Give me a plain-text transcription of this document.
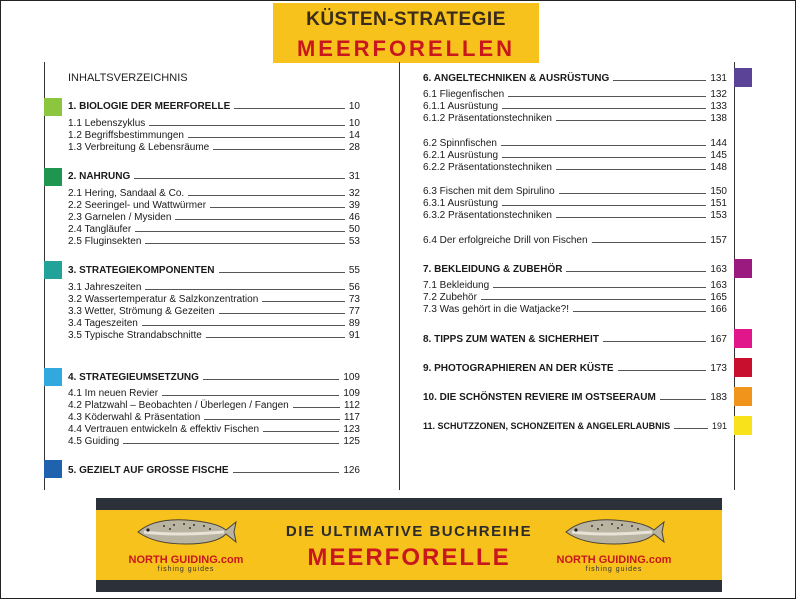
KÜSTEN-STRATEGIE
MEERFORELLEN
INHALTSVERZEICHNIS
1. BIOLOGIE DER MEERFORELLE	10
1.1 Lebenszyklus	10
1.2 Begriffsbestimmungen	14
1.3 Verbreitung & Lebensräume	28
2. NAHRUNG	31
2.1 Hering, Sandaal & Co.	32
2.2 Seeringel- und Wattwürmer	39
2.3 Garnelen / Mysiden	46
2.4 Tangläufer	50
2.5 Fluginsekten	53
3. STRATEGIEKOMPONENTEN	55
3.1 Jahreszeiten	56
3.2 Wassertemperatur & Salzkonzentration	73
3.3 Wetter, Strömung & Gezeiten	77
3.4 Tageszeiten	89
3.5 Typische Strandabschnitte	91
4. STRATEGIEUMSETZUNG	109
4.1 Im neuen Revier	109
4.2 Platzwahl – Beobachten / Überlegen / Fangen	112
4.3 Köderwahl & Präsentation	117
4.4 Vertrauen entwickeln & effektiv Fischen	123
4.5 Guiding	125
5. GEZIELT AUF GROSSE FISCHE	126
6. ANGELTECHNIKEN & AUSRÜSTUNG	131
6.1 Fliegenfischen	132
6.1.1 Ausrüstung	133
6.1.2 Präsentationstechniken	138
6.2 Spinnfischen	144
6.2.1 Ausrüstung	145
6.2.2 Präsentationstechniken	148
6.3 Fischen mit dem Spirulino	150
6.3.1 Ausrüstung	151
6.3.2 Präsentationstechniken	153
6.4 Der erfolgreiche Drill von Fischen	157
7. BEKLEIDUNG & ZUBEHÖR	163
7.1 Bekleidung	163
7.2 Zubehör	165
7.3 Was gehört in die Watjacke?!	166
8. TIPPS ZUM WATEN & SICHERHEIT	167
9. PHOTOGRAPHIEREN AN DER KÜSTE	173
10. DIE SCHÖNSTEN REVIERE IM OSTSEERAUM	183
11. SCHUTZZONEN, SCHONZEITEN & ANGELERLAUBNIS	191
NORTH GUIDING.com
fishing guides
DIE ULTIMATIVE BUCHREIHE
MEERFORELLE	NORTH GUIDING.com
fishing guides
